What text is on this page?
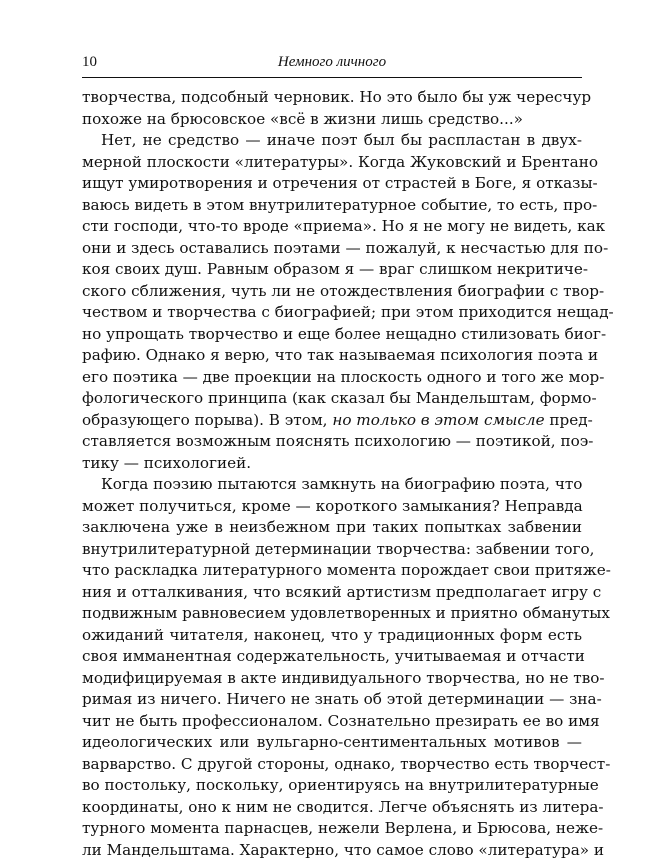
10	Немного личного
творчества, подсобный черновик. Но это было бы уж чересчур
похоже на брюсовское «всё в жизни лишь средство...»
Нет, не средство — иначе поэт был бы распластан в двух-
мерной плоскости «литературы». Когда Жуковский и Брентано
ищут умиротворения и отречения от страстей в Боге, я отказы-
ваюсь видеть в этом внутрилитературное событие, то есть, про-
сти господи, что-то вроде «приема». Но я не могу не видеть, как
они и здесь оставались поэтами — пожалуй, к несчастью для по-
коя своих душ. Равным образом я — враг слишком некритиче-
ского сближения, чуть ли не отождествления биографии с твор-
чеством и творчества с биографией; при этом приходится нещад-
но упрощать творчество и еще более нещадно стилизовать биог-
рафию. Однако я верю, что так называемая психология поэта и
его поэтика — две проекции на плоскость одного и того же мор-
фологического принципа (как сказал бы Мандельштам, формо-
образующего порыва). В этом, но только в этом смысле пред-
ставляется возможным пояснять психологию — поэтикой, поэ-
тику — психологией.
Когда поэзию пытаются замкнуть на биографию поэта, что
может получиться, кроме — короткого замыкания? Неправда
заключена уже в неизбежном при таких попытках забвении
внутрилитературной детерминации творчества: забвении того,
что раскладка литературного момента порождает свои притяже-
ния и отталкивания, что всякий артистизм предполагает игру с
подвижным равновесием удовлетворенных и приятно обманутых
ожиданий читателя, наконец, что у традиционных форм есть
своя имманентная содержательность, учитываемая и отчасти
модифицируемая в акте индивидуального творчества, но не тво-
римая из ничего. Ничего не знать об этой детерминации — зна-
чит не быть профессионалом. Сознательно презирать ее во имя
идеологических или вульгарно-сентиментальных мотивов —
варварство. С другой стороны, однако, творчество есть творчест-
во постольку, поскольку, ориентируясь на внутрилитературные
координаты, оно к ним не сводится. Легче объяснять из литера-
турного момента парнасцев, нежели Верлена, и Брюсова, нежe-
ли Мандельштама. Характерно, что самое слово «литература» и
